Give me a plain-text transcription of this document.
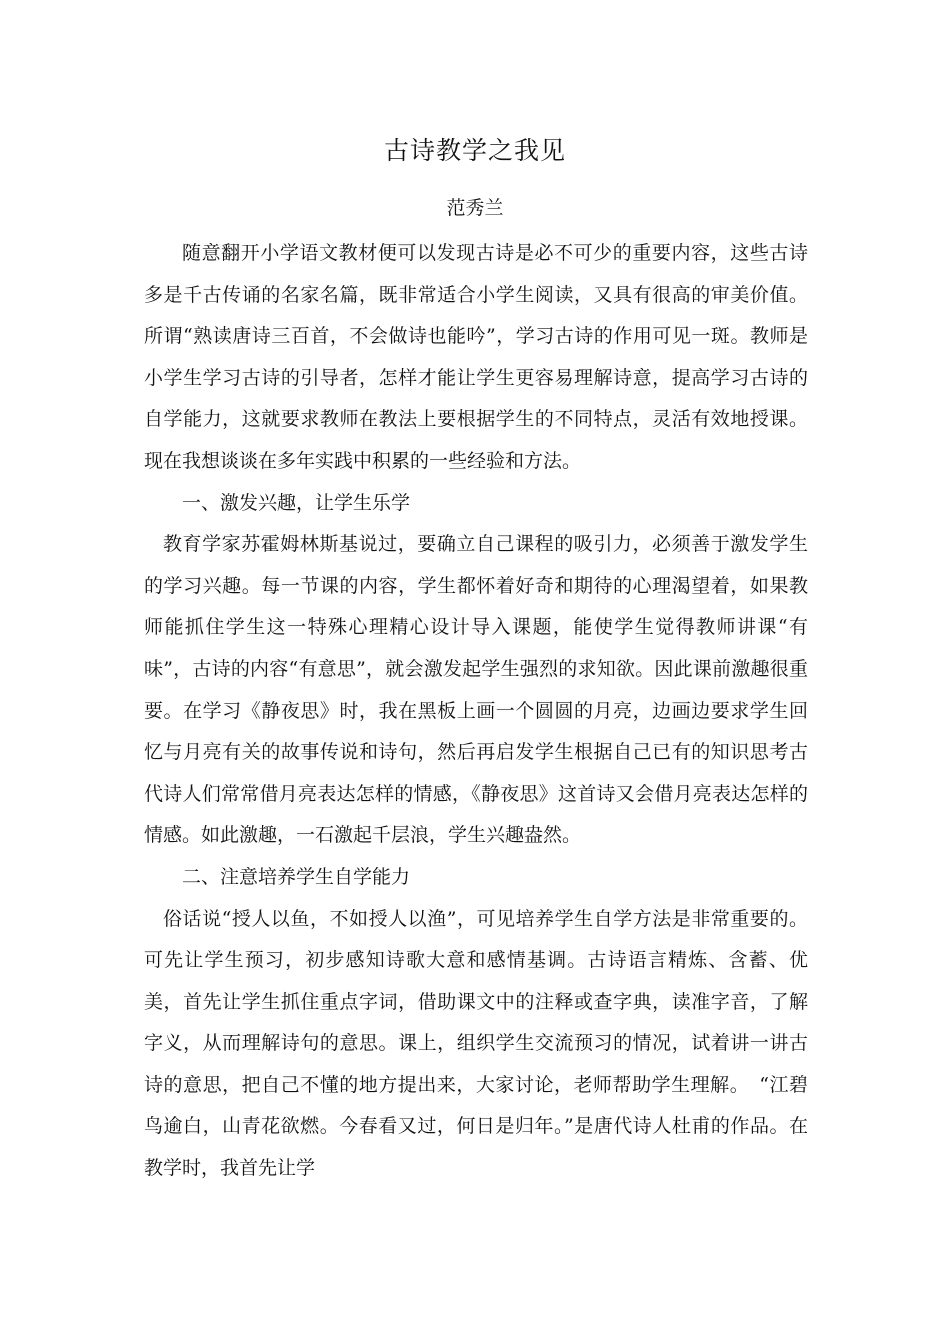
古诗教学之我见
范秀兰

随意翻开小学语文教材便可以发现古诗是必不可少的重要内容，这些古诗多是千古传诵的名家名篇，既非常适合小学生阅读，又具有很高的审美价值。所谓“熟读唐诗三百首，不会做诗也能吟”，学习古诗的作用可见一斑。教师是小学生学习古诗的引导者，怎样才能让学生更容易理解诗意，提高学习古诗的自学能力，这就要求教师在教法上要根据学生的不同特点，灵活有效地授课。现在我想谈谈在多年实践中积累的一些经验和方法。

一、激发兴趣，让学生乐学

教育学家苏霍姆林斯基说过，要确立自己课程的吸引力，必须善于激发学生的学习兴趣。每一节课的内容，学生都怀着好奇和期待的心理渴望着，如果教师能抓住学生这一特殊心理精心设计导入课题，能使学生觉得教师讲课“有味”，古诗的内容“有意思”，就会激发起学生强烈的求知欲。因此课前激趣很重要。在学习《静夜思》时，我在黑板上画一个圆圆的月亮，边画边要求学生回忆与月亮有关的故事传说和诗句，然后再启发学生根据自己已有的知识思考古代诗人们常常借月亮表达怎样的情感，《静夜思》这首诗又会借月亮表达怎样的情感。如此激趣，一石激起千层浪，学生兴趣盎然。

二、注意培养学生自学能力

俗话说“授人以鱼，不如授人以渔”，可见培养学生自学方法是非常重要的。可先让学生预习，初步感知诗歌大意和感情基调。古诗语言精炼、含蓄、优美，首先让学生抓住重点字词，借助课文中的注释或查字典，读准字音，了解字义，从而理解诗句的意思。课上，组织学生交流预习的情况，试着讲一讲古诗的意思，把自己不懂的地方提出来，大家讨论，老师帮助学生理解。　“江碧鸟逾白，山青花欲燃。今春看又过，何日是归年。”是唐代诗人杜甫的作品。在教学时，我首先让学
